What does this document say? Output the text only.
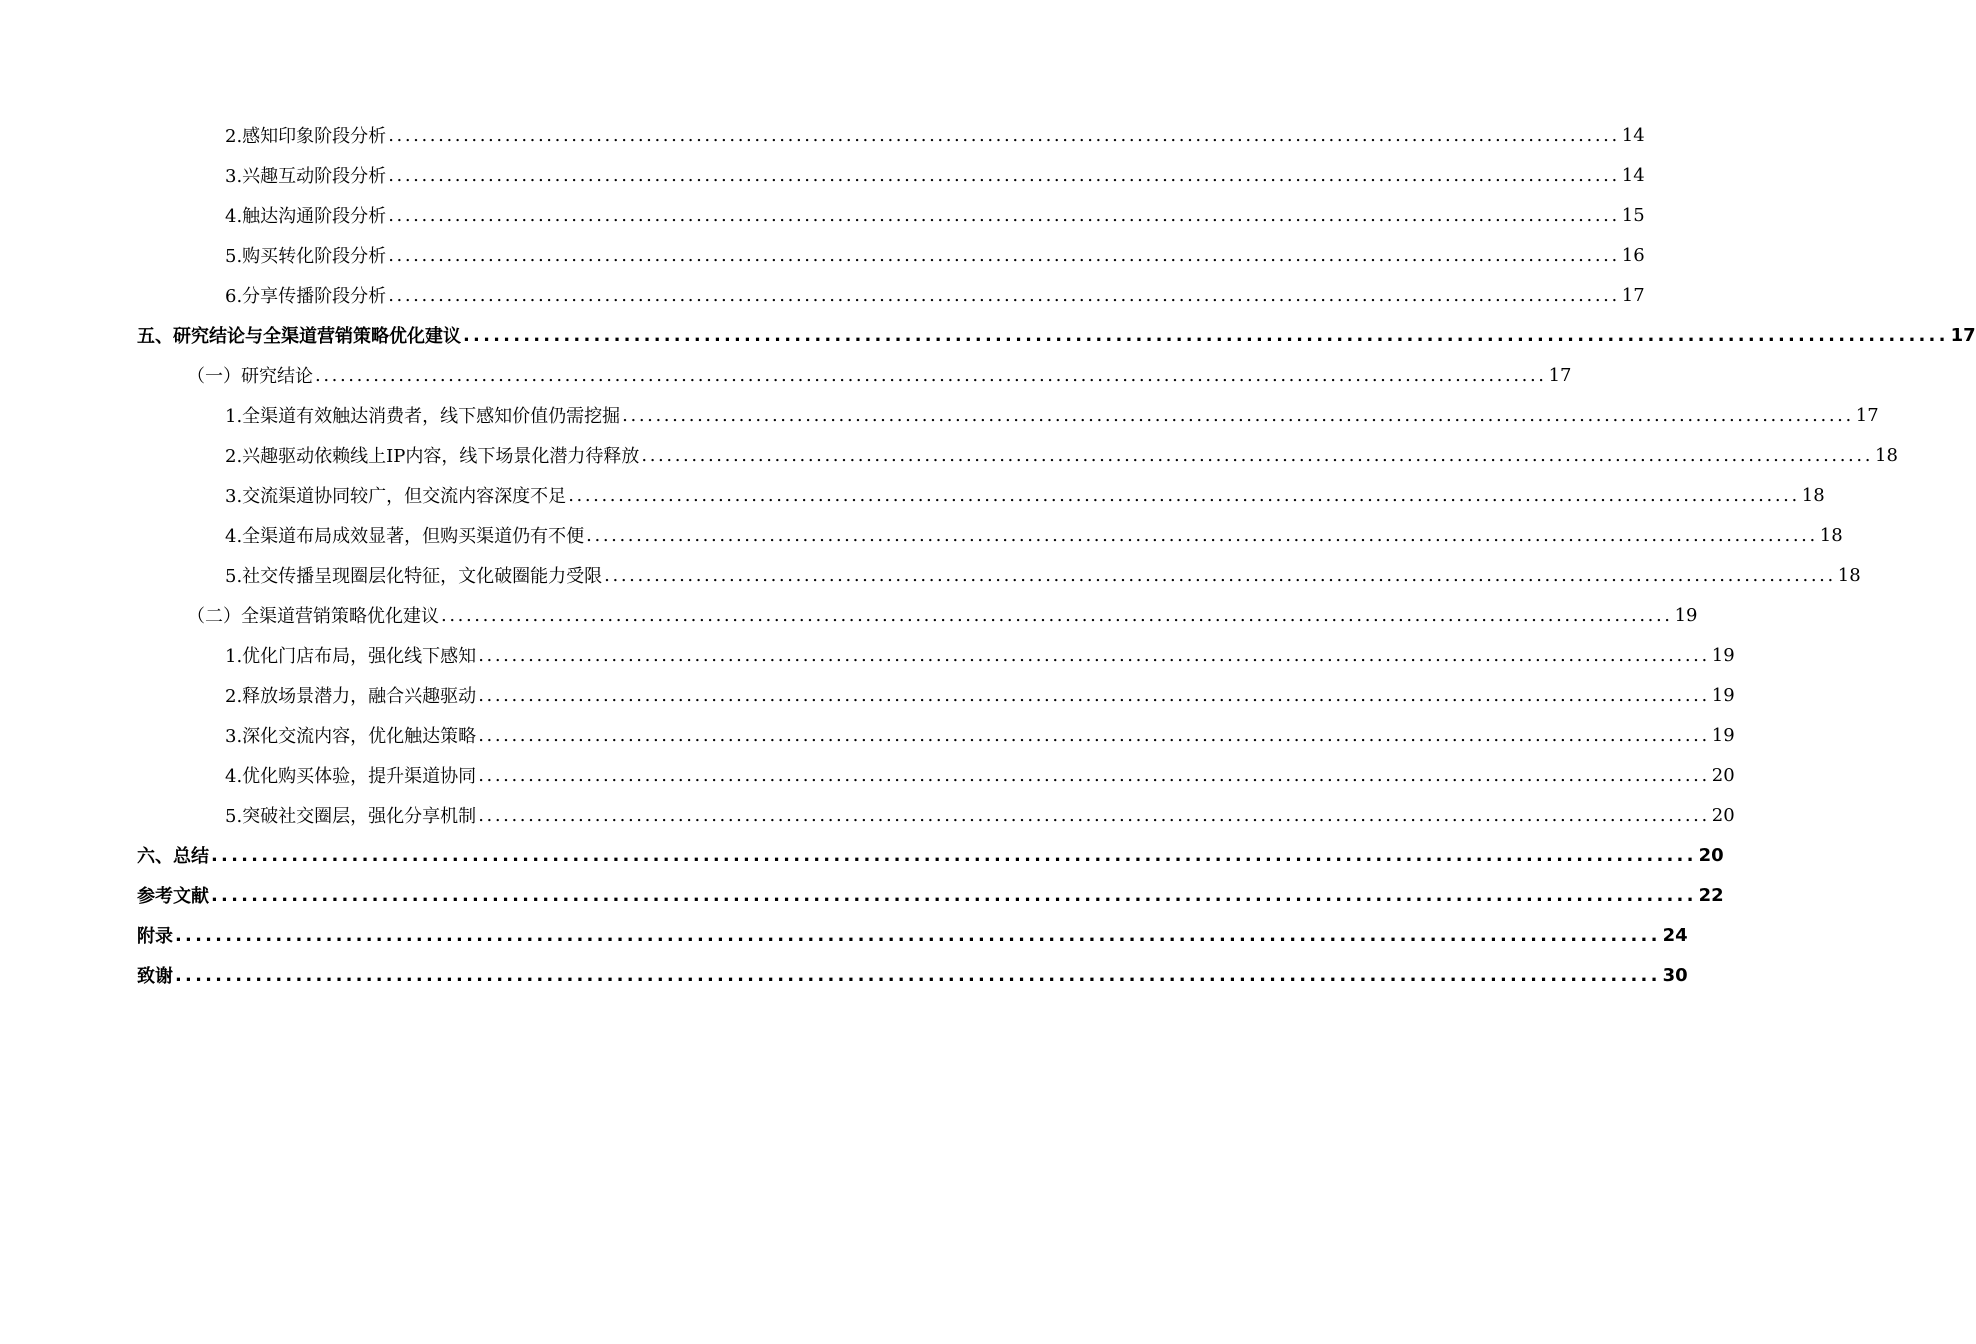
2.感知印象阶段分析 .................................................................................................................................................... 14
3.兴趣互动阶段分析 .................................................................................................................................................... 14
4.触达沟通阶段分析 .................................................................................................................................................... 15
5.购买转化阶段分析 .................................................................................................................................................... 16
6.分享传播阶段分析 .................................................................................................................................................... 17
五、研究结论与全渠道营销策略优化建议 .................................................................................................................................................... 17
（一）研究结论 .................................................................................................................................................... 17
1.全渠道有效触达消费者，线下感知价值仍需挖掘 .................................................................................................................................................... 17
2.兴趣驱动依赖线上IP内容，线下场景化潜力待释放 .................................................................................................................................................... 18
3.交流渠道协同较广，但交流内容深度不足 .................................................................................................................................................... 18
4.全渠道布局成效显著，但购买渠道仍有不便 .................................................................................................................................................... 18
5.社交传播呈现圈层化特征，文化破圈能力受限 .................................................................................................................................................... 18
（二）全渠道营销策略优化建议 .................................................................................................................................................... 19
1.优化门店布局，强化线下感知 .................................................................................................................................................... 19
2.释放场景潜力，融合兴趣驱动 .................................................................................................................................................... 19
3.深化交流内容，优化触达策略 .................................................................................................................................................... 19
4.优化购买体验，提升渠道协同 .................................................................................................................................................... 20
5.突破社交圈层，强化分享机制 .................................................................................................................................................... 20
六、总结 .................................................................................................................................................... 20
参考文献 .................................................................................................................................................... 22
附录 .................................................................................................................................................... 24
致谢 .................................................................................................................................................... 30
